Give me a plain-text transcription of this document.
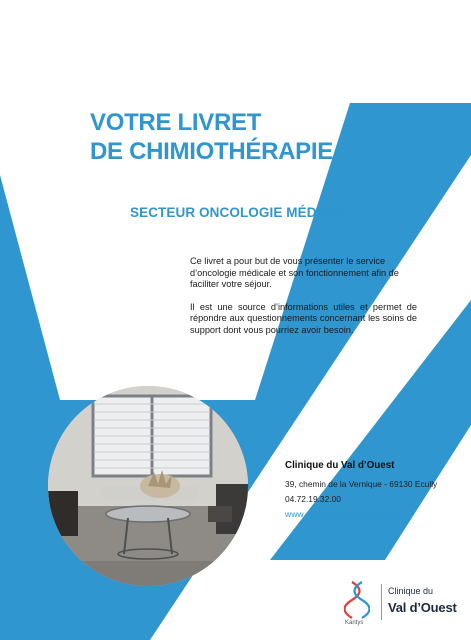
VOTRE LIVRET
DE CHIMIOTHÉRAPIE
SECTEUR ONCOLOGIE MÉDICALE

Ce livret a pour but de vous présenter le service d’oncologie médicale et son fonctionnement afin de faciliter votre séjour.

Il est une source d’informations utiles et permet de répondre aux questionnements concernant les soins de support dont vous pourriez avoir besoin.

Clinique du Val d’Ouest
39, chemin de la Vernique - 69130 Ecully
04.72.19.32.00
www.cliniqueduvaldouest.com
Kantys
Clinique du
Val d’Ouest
